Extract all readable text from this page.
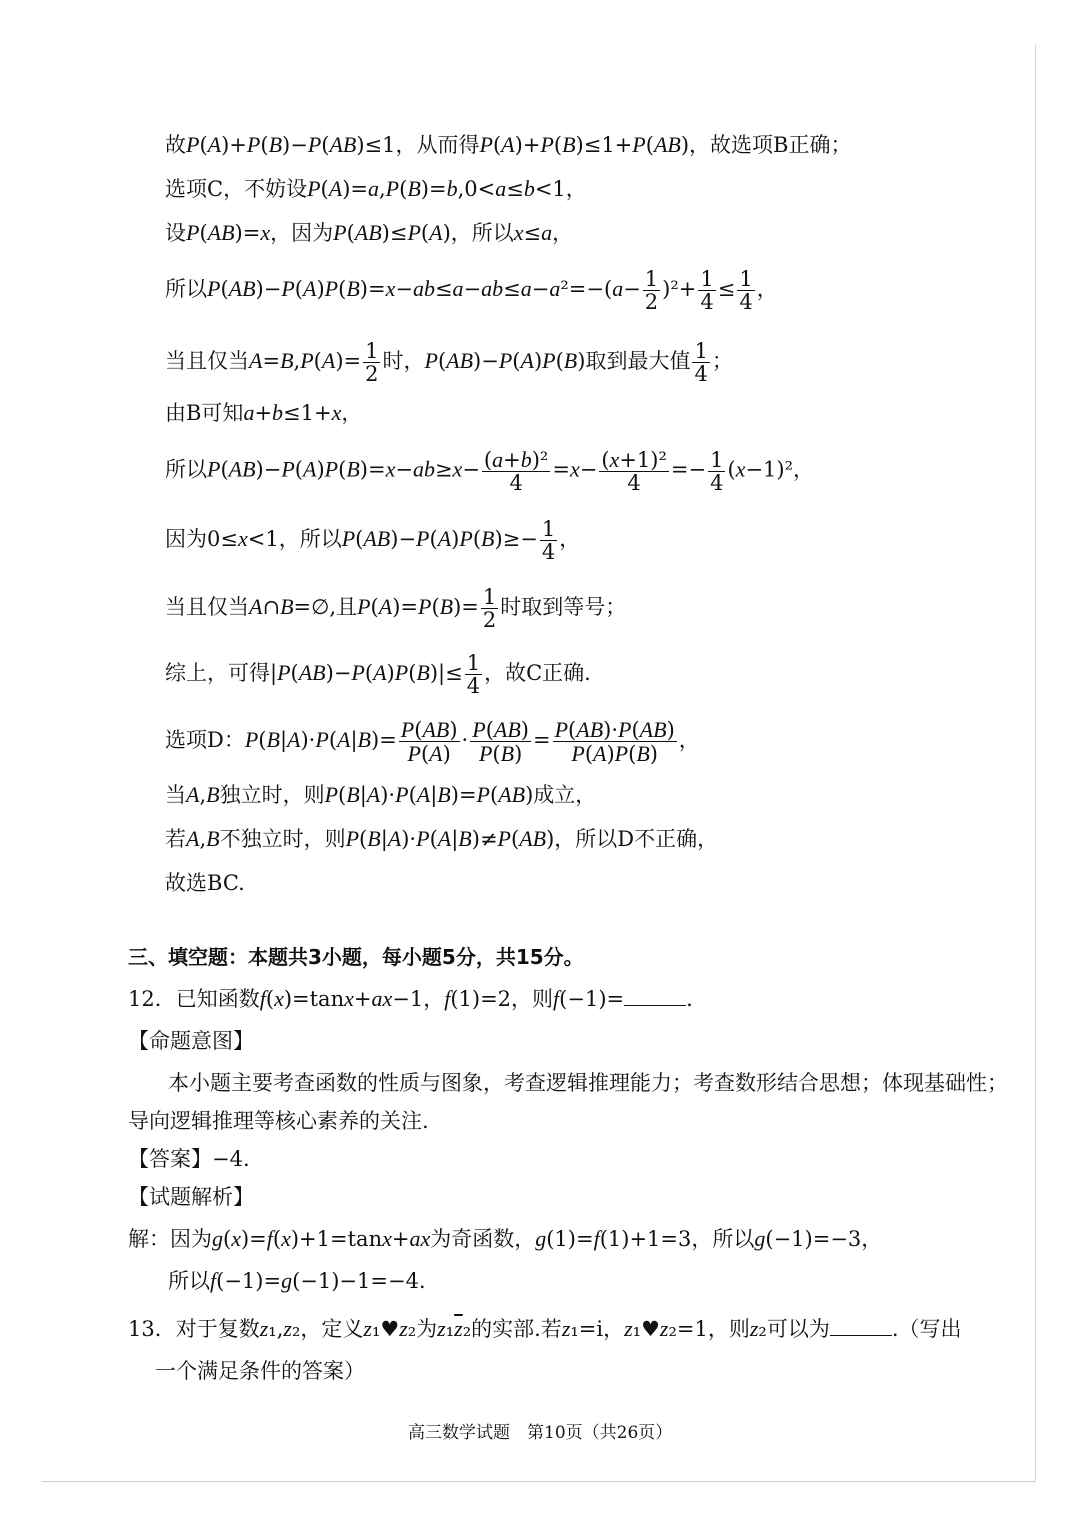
故P(A)+P(B)−P(AB)≤1，从而得P(A)+P(B)≤1+P(AB)，故选项B正确；
选项C，不妨设P(A)=a,P(B)=b,0<a≤b<1，
设P(AB)=x，因为P(AB)≤P(A)，所以x≤a，
所以$P(AB)-P(A)P(B)=x-ab\le a-ab\le a-a^2=-(a- \frac{1}{2} )^2+ \frac{1}{4} \le \frac{1}{4}$ ，
当且仅当$A=B,P(A)= \frac{1}{2}$ 时，P(AB)−P(A)P(B)取到最大值 $\frac{1}{4}$ ；
由B可知a+b≤1+x，
所以$P(AB)-P(A)P(B)=x-ab\ge x- \frac{\text{(a+b)²}}{4} =x- \frac{\text{(x+1)²}}{4} =- \frac{1}{4} (x-1)^2$，
因为0≤x<1，所以$P(AB)-P(A)P(B)\ge- \frac{1}{4}$ ，
当且仅当A∩B=∅,且$P(A)=P(B)= \frac{1}{2}$ 时取到等号；
综上，可得$|P(AB)-P(A)P(B)|\le \frac{1}{4}$ ，故C正确.
选项D：$P(B|A)\cdot P(A|B)= \frac{P(AB)}{P(A)} \cdot \frac{P(AB)}{P(B)} = \frac{P(AB)\cdot P(AB)}{P(A)P(B)}$ ，
当A,B独立时，则P(B|A)·P(A|B)=P(AB)成立，
若A,B不独立时，则P(B|A)·P(A|B)≠P(AB)，所以D不正确，
故选BC.
三、填空题：本题共3小题，每小题5分，共15分。
12．已知函数f(x)=tanx+ax−1，f(1)=2，则f(−1)=	.
【命题意图】
本小题主要考查函数的性质与图象，考查逻辑推理能力；考查数形结合思想；体现基础性；
导向逻辑推理等核心素养的关注.
【答案】−4.
【试题解析】
解：因为g(x)=f(x)+1=tanx+ax为奇函数，g(1)=f(1)+1=3，所以g(−1)=−3，
所以f(−1)=g(−1)−1=−4.
13．对于复数z₁,z₂，定义z₁♥z₂为$z_1\overline{z}_2$的实部.若z₁=i，z₁♥z₂=1，则z₂可以为	.（写出
一个满足条件的答案）
高三数学试题　第10页（共26页）
